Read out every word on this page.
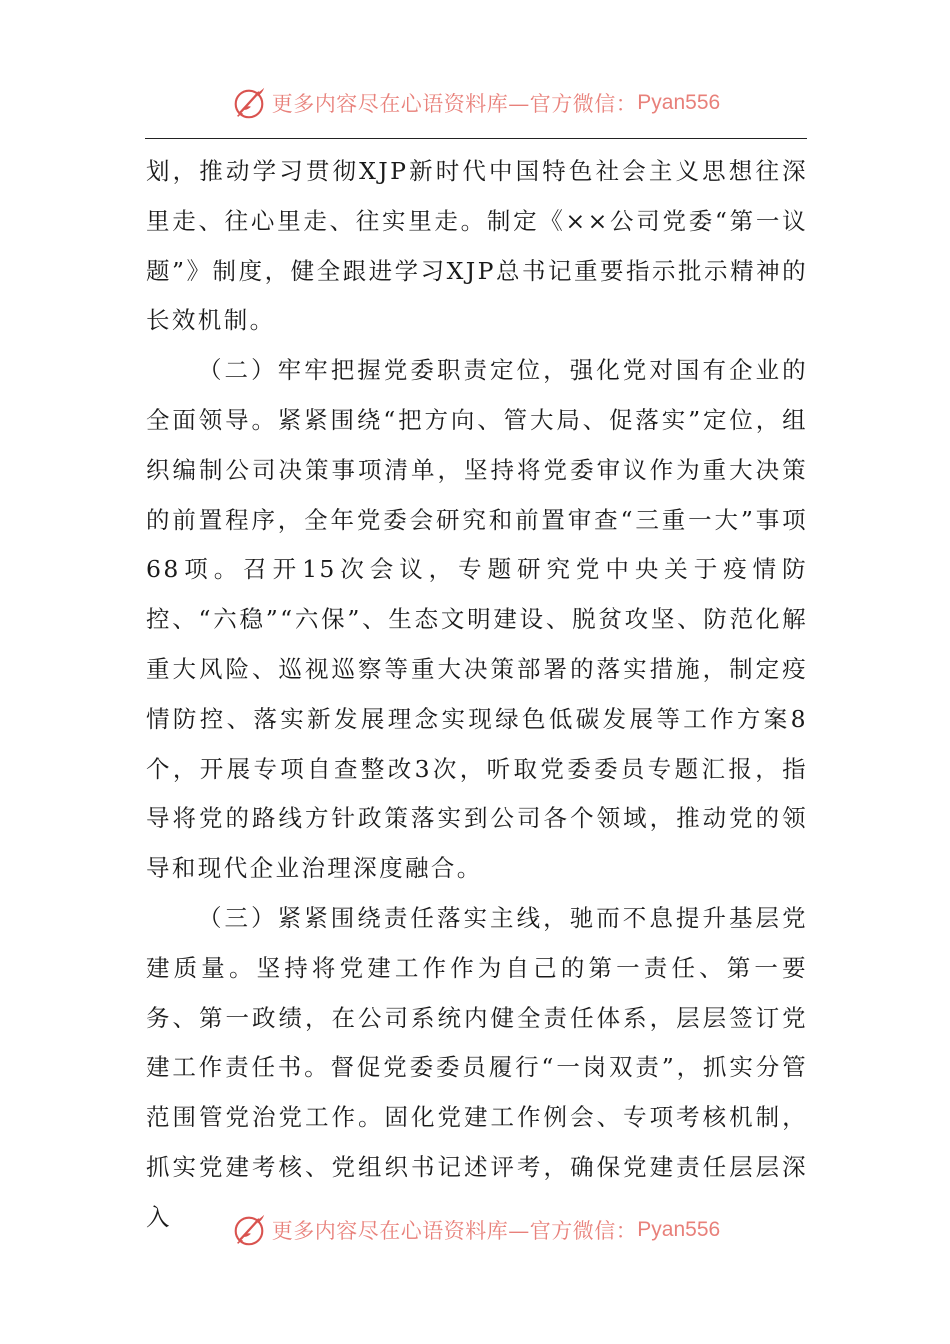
更多内容尽在心语资料库—官方微信： Pyan556

划，推动学习贯彻XJP新时代中国特色社会主义思想往深里走、往心里走、往实里走。制定《××公司党委“第一议题”》制度，健全跟进学习XJP总书记重要指示批示精神的长效机制。

（二）牢牢把握党委职责定位，强化党对国有企业的全面领导。紧紧围绕“把方向、管大局、促落实”定位，组织编制公司决策事项清单，坚持将党委审议作为重大决策的前置程序，全年党委会研究和前置审查“三重一大”事项68项。召开15次会议，专题研究党中央关于疫情防控、“六稳”“六保”、生态文明建设、脱贫攻坚、防范化解重大风险、巡视巡察等重大决策部署的落实措施，制定疫情防控、落实新发展理念实现绿色低碳发展等工作方案8个，开展专项自查整改3次，听取党委委员专题汇报，指导将党的路线方针政策落实到公司各个领域，推动党的领导和现代企业治理深度融合。

（三）紧紧围绕责任落实主线，驰而不息提升基层党建质量。坚持将党建工作作为自己的第一责任、第一要务、第一政绩，在公司系统内健全责任体系，层层签订党建工作责任书。督促党委委员履行“一岗双责”，抓实分管范围管党治党工作。固化党建工作例会、专项考核机制，抓实党建考核、党组织书记述评考，确保党建责任层层深入

更多内容尽在心语资料库—官方微信： Pyan556
